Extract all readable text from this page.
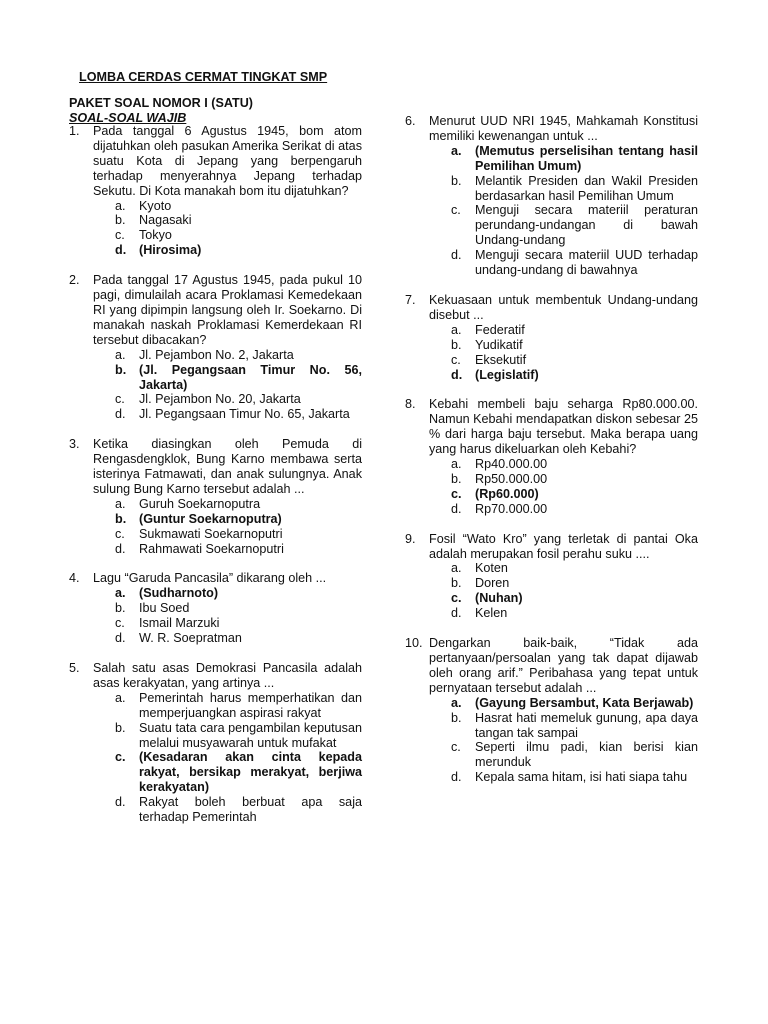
LOMBA CERDAS CERMAT TINGKAT SMP
PAKET SOAL NOMOR I (SATU)
SOAL-SOAL WAJIB
1. Pada tanggal 6 Agustus 1945, bom atom dijatuhkan oleh pasukan Amerika Serikat di atas suatu Kota di Jepang yang berpengaruh terhadap menyerahnya Jepang terhadap Sekutu. Di Kota manakah bom itu dijatuhkan?
a. Kyoto
b. Nagasaki
c. Tokyo
d. (Hirosima)
2. Pada tanggal 17 Agustus 1945, pada pukul 10 pagi, dimulailah acara Proklamasi Kemedekaan RI yang dipimpin langsung oleh Ir. Soekarno. Di manakah naskah Proklamasi Kemerdekaan RI tersebut dibacakan?
a. Jl. Pejambon No. 2, Jakarta
b. (Jl. Pegangsaan Timur No. 56, Jakarta)
c. Jl. Pejambon No. 20, Jakarta
d. Jl. Pegangsaan Timur No. 65, Jakarta
3. Ketika diasingkan oleh Pemuda di Rengasdengklok, Bung Karno membawa serta isterinya Fatmawati, dan anak sulungnya. Anak sulung Bung Karno tersebut adalah ...
a. Guruh Soekarnoputra
b. (Guntur Soekarnoputra)
c. Sukmawati Soekarnoputri
d. Rahmawati Soekarnoputri
4. Lagu “Garuda Pancasila” dikarang oleh ...
a. (Sudharnoto)
b. Ibu Soed
c. Ismail Marzuki
d. W. R. Soepratman
5. Salah satu asas Demokrasi Pancasila adalah asas kerakyatan, yang artinya ...
a. Pemerintah harus memperhatikan dan memperjuangkan aspirasi rakyat
b. Suatu tata cara pengambilan keputusan melalui musyawarah untuk mufakat
c. (Kesadaran akan cinta kepada rakyat, bersikap merakyat, berjiwa kerakyatan)
d. Rakyat boleh berbuat apa saja terhadap Pemerintah
6. Menurut UUD NRI 1945, Mahkamah Konstitusi memiliki kewenangan untuk ...
a. (Memutus perselisihan tentang hasil Pemilihan Umum)
b. Melantik Presiden dan Wakil Presiden berdasarkan hasil Pemilihan Umum
c. Menguji secara materiil peraturan perundang-undangan di bawah Undang-undang
d. Menguji secara materiil UUD terhadap undang-undang di bawahnya
7. Kekuasaan untuk membentuk Undang-undang disebut ...
a. Federatif
b. Yudikatif
c. Eksekutif
d. (Legislatif)
8. Kebahi membeli baju seharga Rp80.000.00. Namun Kebahi mendapatkan diskon sebesar 25 % dari harga baju tersebut. Maka berapa uang yang harus dikeluarkan oleh Kebahi?
a. Rp40.000.00
b. Rp50.000.00
c. (Rp60.000)
d. Rp70.000.00
9. Fosil “Wato Kro” yang terletak di pantai Oka adalah merupakan fosil perahu suku ....
a. Koten
b. Doren
c. (Nuhan)
d. Kelen
10. Dengarkan baik-baik, “Tidak ada pertanyaan/persoalan yang tak dapat dijawab oleh orang arif.” Peribahasa yang tepat untuk pernyataan tersebut adalah ...
a. (Gayung Bersambut, Kata Berjawab)
b. Hasrat hati memeluk gunung, apa daya tangan tak sampai
c. Seperti ilmu padi, kian berisi kian merunduk
d. Kepala sama hitam, isi hati siapa tahu
